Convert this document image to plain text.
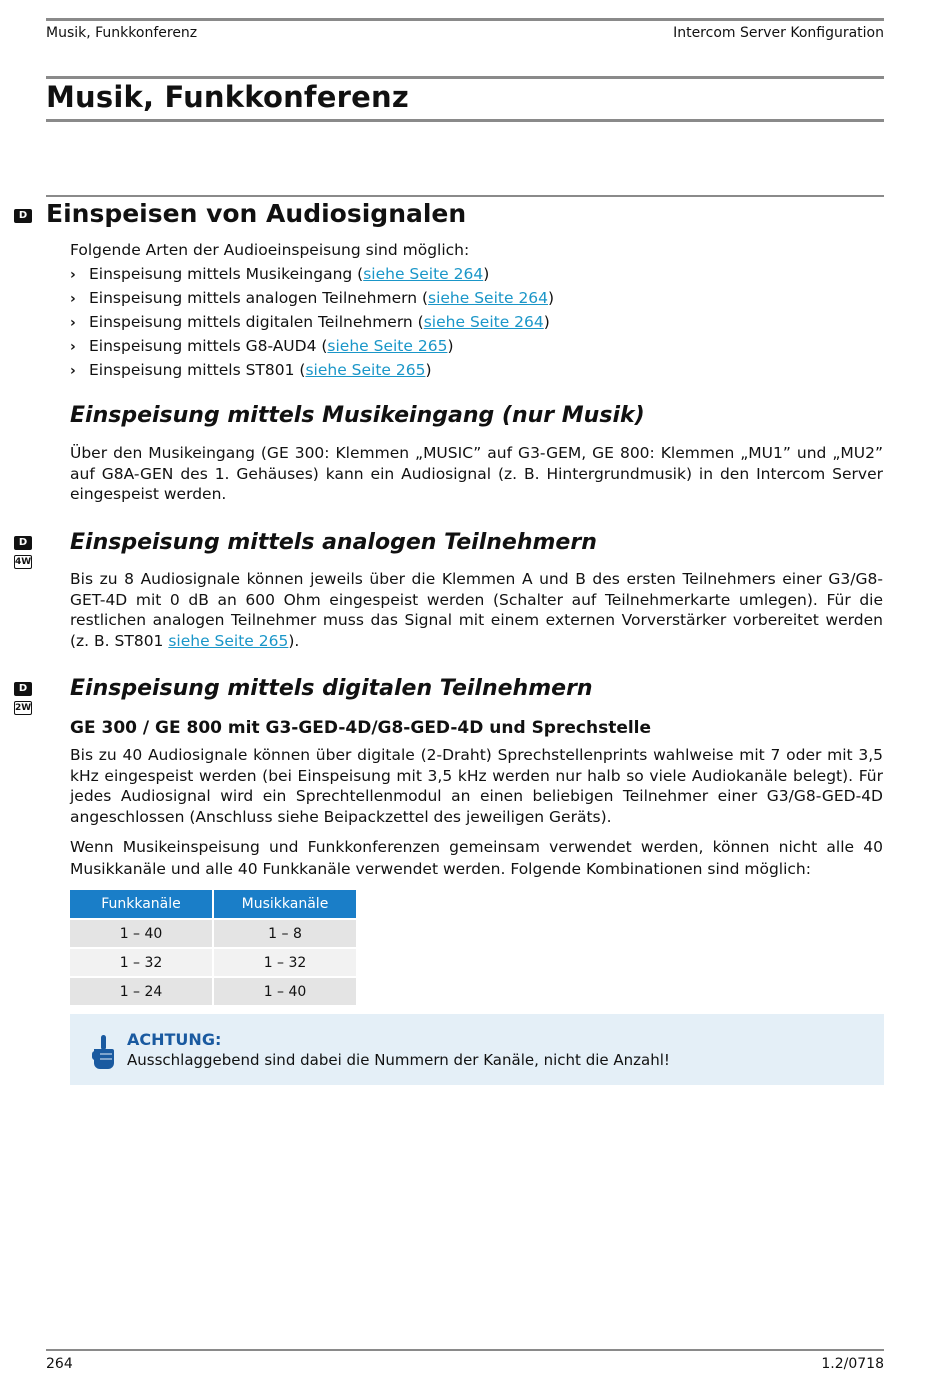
Musik, Funkkonferenz	Intercom Server Konfiguration
Musik, Funkkonferenz
D Einspeisen von Audiosignalen
Folgende Arten der Audioeinspeisung sind möglich:
› Einspeisung mittels Musikeingang (siehe Seite 264)
› Einspeisung mittels analogen Teilnehmern (siehe Seite 264)
› Einspeisung mittels digitalen Teilnehmern (siehe Seite 264)
› Einspeisung mittels G8-AUD4 (siehe Seite 265)
› Einspeisung mittels ST801 (siehe Seite 265)
Einspeisung mittels Musikeingang (nur Musik)
Über den Musikeingang (GE 300: Klemmen „MUSIC” auf G3-GEM, GE 800: Klemmen „MU1” und „MU2” auf G8A-GEN des 1. Gehäuses) kann ein Audiosignal (z. B. Hintergrundmusik) in den Intercom Server eingespeist werden.
D
4W
Einspeisung mittels analogen Teilnehmern
Bis zu 8 Audiosignale können jeweils über die Klemmen A und B des ersten Teilnehmers einer G3/G8-GET-4D mit 0 dB an 600 Ohm eingespeist werden (Schalter auf Teilnehmerkarte umlegen). Für die restlichen analogen Teilnehmer muss das Signal mit einem externen Vorverstärker vorbereitet werden (z. B. ST801 siehe Seite 265).
D
2W
Einspeisung mittels digitalen Teilnehmern
GE 300 / GE 800 mit G3-GED-4D/G8-GED-4D und Sprechstelle
Bis zu 40 Audiosignale können über digitale (2-Draht) Sprechstellenprints wahlweise mit 7 oder mit 3,5 kHz eingespeist werden (bei Einspeisung mit 3,5 kHz werden nur halb so viele Audiokanäle belegt). Für jedes Audiosignal wird ein Sprechtellenmodul an einen beliebigen Teilnehmer einer G3/G8-GED-4D angeschlossen (Anschluss siehe Beipackzettel des jeweiligen Geräts).
Wenn Musikeinspeisung und Funkkonferenzen gemeinsam verwendet werden, können nicht alle 40 Musikkanäle und alle 40 Funkkanäle verwendet werden. Folgende Kombinationen sind möglich:
Funkkanäle	Musikkanäle
1 – 40	1 – 8
1 – 32	1 – 32
1 – 24	1 – 40
ACHTUNG:
Ausschlaggebend sind dabei die Nummern der Kanäle, nicht die Anzahl!
264	1.2/0718
